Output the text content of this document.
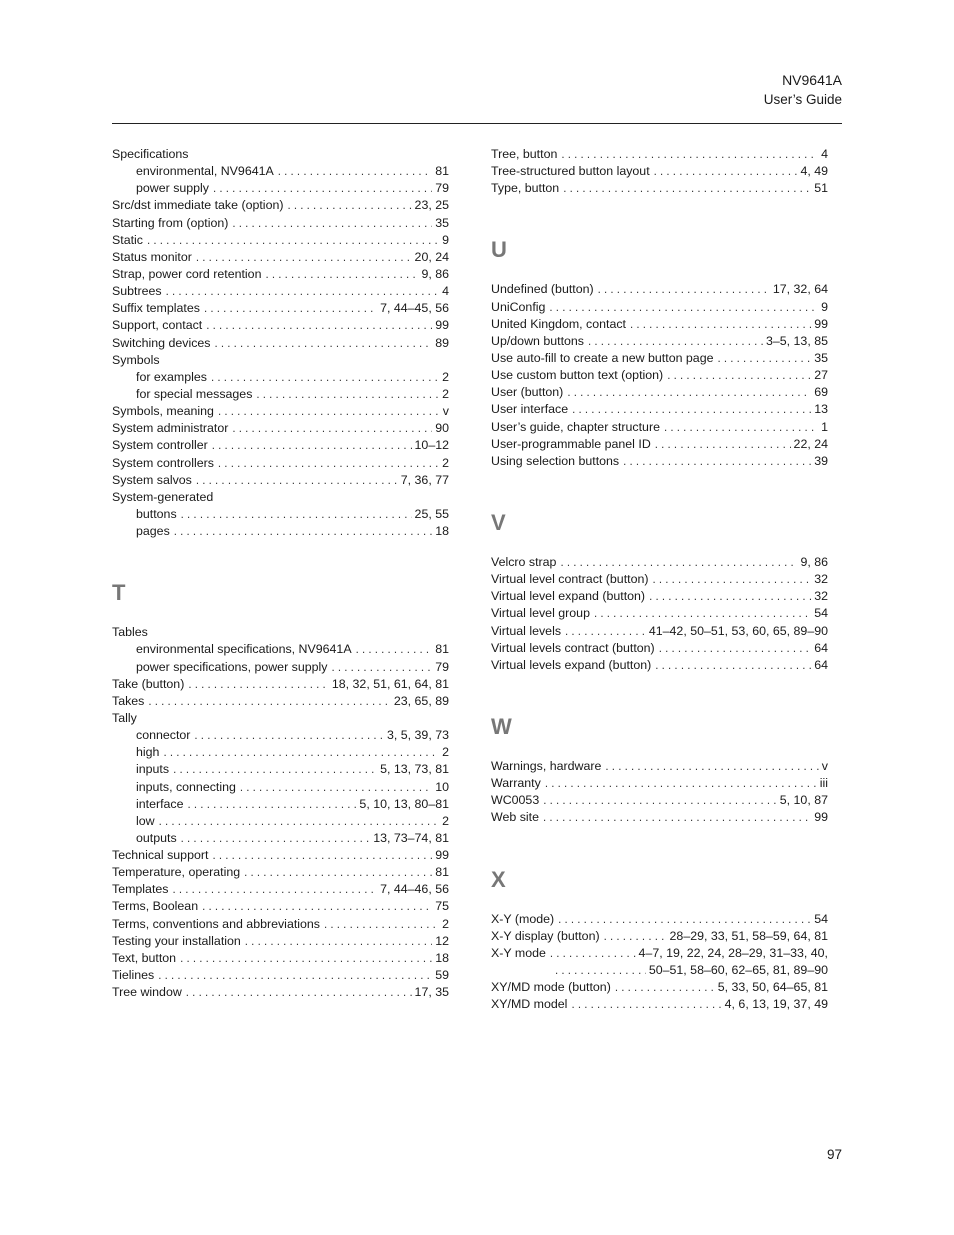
NV9641A
User’s Guide
Specifications
environmental, NV9641A . . .	81
power supply . . .	79
Src/dst immediate take (option) . . .	23, 25
Starting from (option) . . .	35
Static . . .	9
Status monitor . . .	20, 24
Strap, power cord retention . . .	9, 86
Subtrees . . .	4
Suffix templates . . .	7, 44–45, 56
Support, contact . . .	99
Switching devices . . .	89
Symbols
for examples . . .	2
for special messages . . .	2
Symbols, meaning . . .	v
System administrator . . .	90
System controller . . .	10–12
System controllers . . .	2
System salvos . . .	7, 36, 77
System-generated
buttons . . .	25, 55
pages . . .	18
T
Tables
environmental specifications, NV9641A . . .	81
power specifications, power supply . . .	79
Take (button) . . .	18, 32, 51, 61, 64, 81
Takes . . .	23, 65, 89
Tally
connector . . .	3, 5, 39, 73
high . . .	2
inputs . . .	5, 13, 73, 81
inputs, connecting . . .	10
interface . . .	5, 10, 13, 80–81
low . . .	2
outputs . . .	13, 73–74, 81
Technical support . . .	99
Temperature, operating . . .	81
Templates . . .	7, 44–46, 56
Terms, Boolean . . .	75
Terms, conventions and abbreviations . . .	2
Testing your installation . . .	12
Text, button . . .	18
Tielines . . .	59
Tree window . . .	17, 35
Tree, button . . .	4
Tree-structured button layout . . .	4, 49
Type, button . . .	51
U
Undefined (button) . . .	17, 32, 64
UniConfig . . .	9
United Kingdom, contact . . .	99
Up/down buttons . . .	3–5, 13, 85
Use auto-fill to create a new button page . . .	35
Use custom button text (option) . . .	27
User (button) . . .	69
User interface . . .	13
User’s guide, chapter structure . . .	1
User-programmable panel ID . . .	22, 24
Using selection buttons . . .	39
V
Velcro strap . . .	9, 86
Virtual level contract (button) . . .	32
Virtual level expand (button) . . .	32
Virtual level group . . .	54
Virtual levels . . .	41–42, 50–51, 53, 60, 65, 89–90
Virtual levels contract (button) . . .	64
Virtual levels expand (button) . . .	64
W
Warnings, hardware . . .	v
Warranty . . .	iii
WC0053 . . .	5, 10, 87
Web site . . .	99
X
X-Y (mode) . . .	54
X-Y display (button) . . .	28–29, 33, 51, 58–59, 64, 81
X-Y mode . . .	4–7, 19, 22, 24, 28–29, 31–33, 40,
. . .
50–51, 58–60, 62–65, 81, 89–90
XY/MD mode (button) . . .	5, 33, 50, 64–65, 81
XY/MD model . . .	4, 6, 13, 19, 37, 49
97
